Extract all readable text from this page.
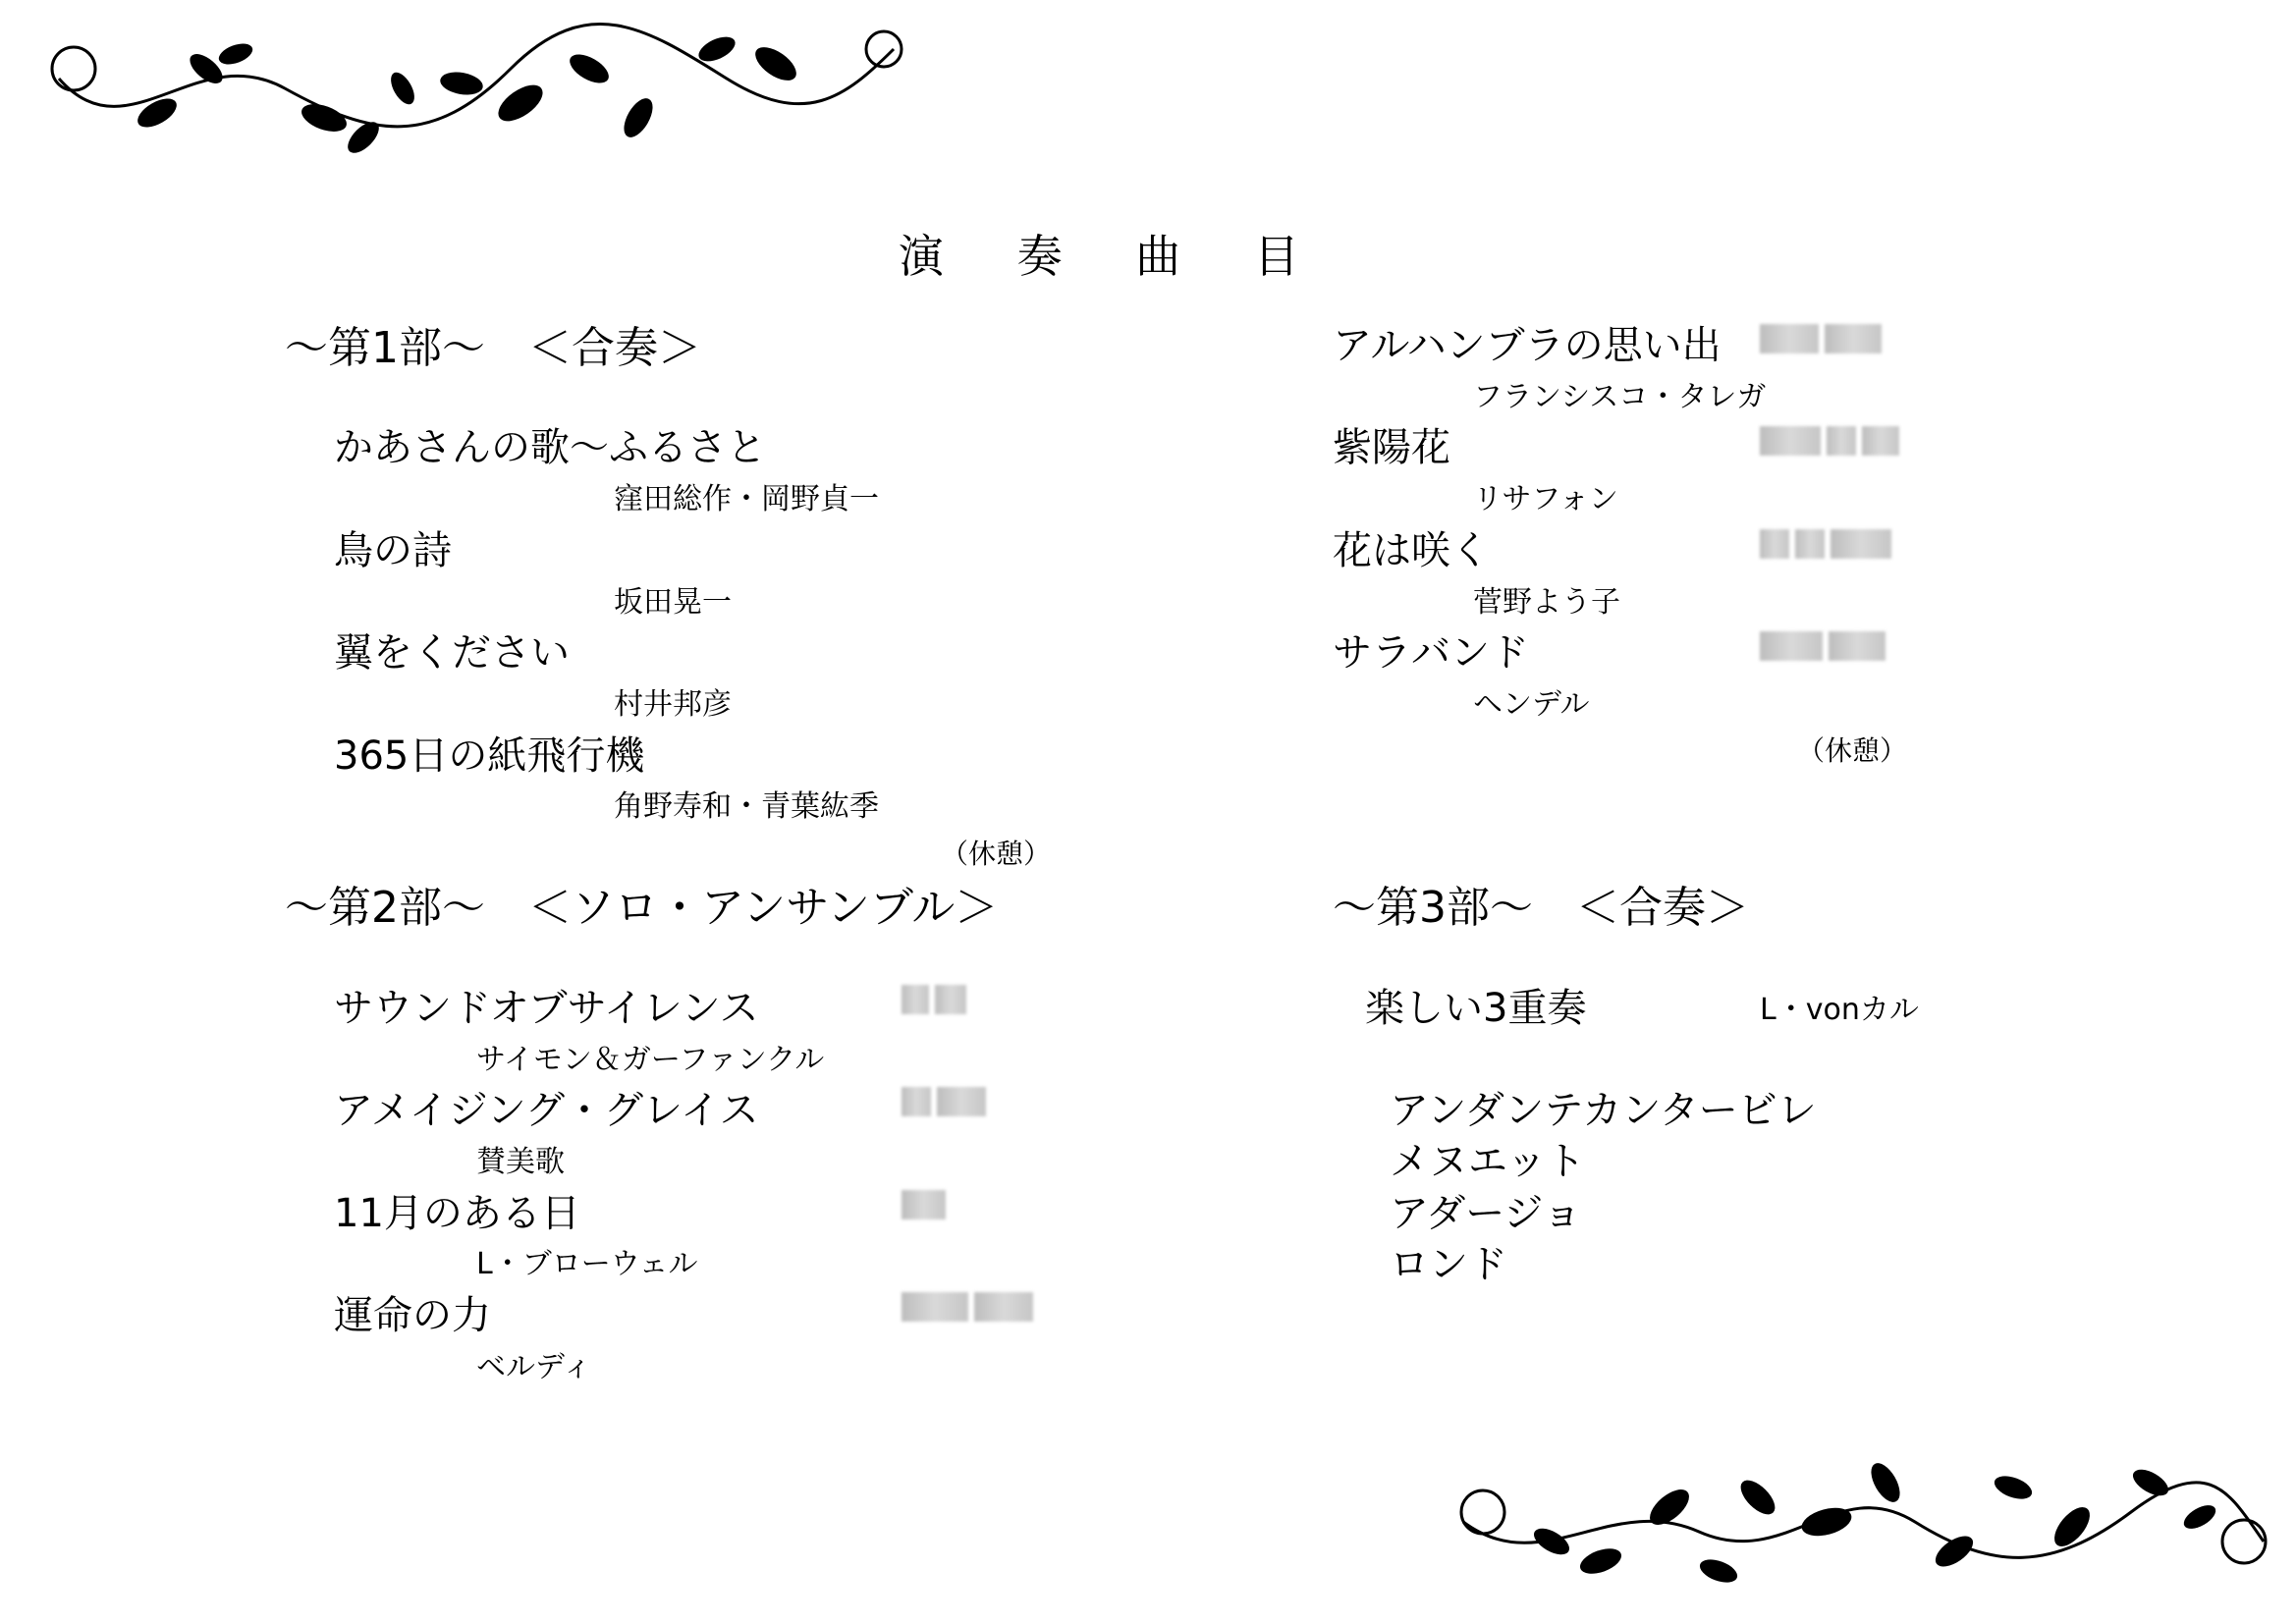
演 奏 曲 目
～第1部～　＜合奏＞
かあさんの歌～ふるさと
窪田総作・岡野貞一
鳥の詩
坂田晃一
翼をください
村井邦彦
365日の紙飛行機
角野寿和・青葉紘季
（休憩）
アルハンブラの思い出
フランシスコ・タレガ
紫陽花
リサフォン
花は咲く
菅野よう子
サラバンド
ヘンデル
（休憩）
～第2部～　＜ソロ・アンサンブル＞
サウンドオブサイレンス
サイモン＆ガーファンクル
アメイジング・グレイス
賛美歌
11月のある日
L・ブローウェル
運命の力
ベルディ
～第3部～　＜合奏＞
楽しい3重奏	L・vonカル
アンダンテカンタービレ
メヌエット
アダージョ
ロンド
